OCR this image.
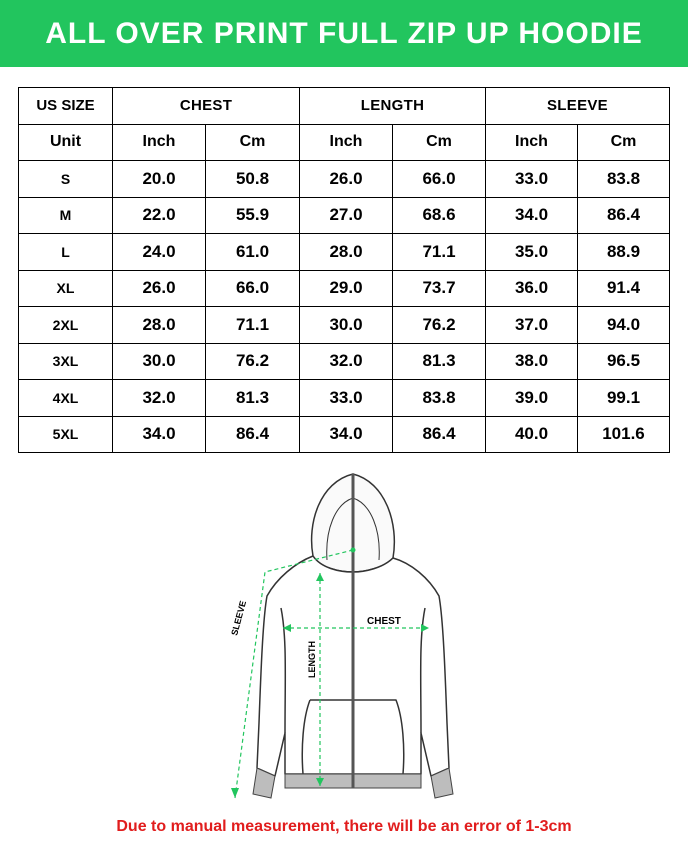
ALL OVER PRINT FULL ZIP UP HOODIE
US SIZE	CHEST		LENGTH		SLEEVE	
Unit	Inch	Cm	Inch	Cm	Inch	Cm
S	20.0	50.8	26.0	66.0	33.0	83.8
M	22.0	55.9	27.0	68.6	34.0	86.4
L	24.0	61.0	28.0	71.1	35.0	88.9
XL	26.0	66.0	29.0	73.7	36.0	91.4
2XL	28.0	71.1	30.0	76.2	37.0	94.0
3XL	30.0	76.2	32.0	81.3	38.0	96.5
4XL	32.0	81.3	33.0	83.8	39.0	99.1
5XL	34.0	86.4	34.0	86.4	40.0	101.6
SLEEVE	CHEST
LENGTH
Due to manual measurement, there will be an error of 1-3cm
